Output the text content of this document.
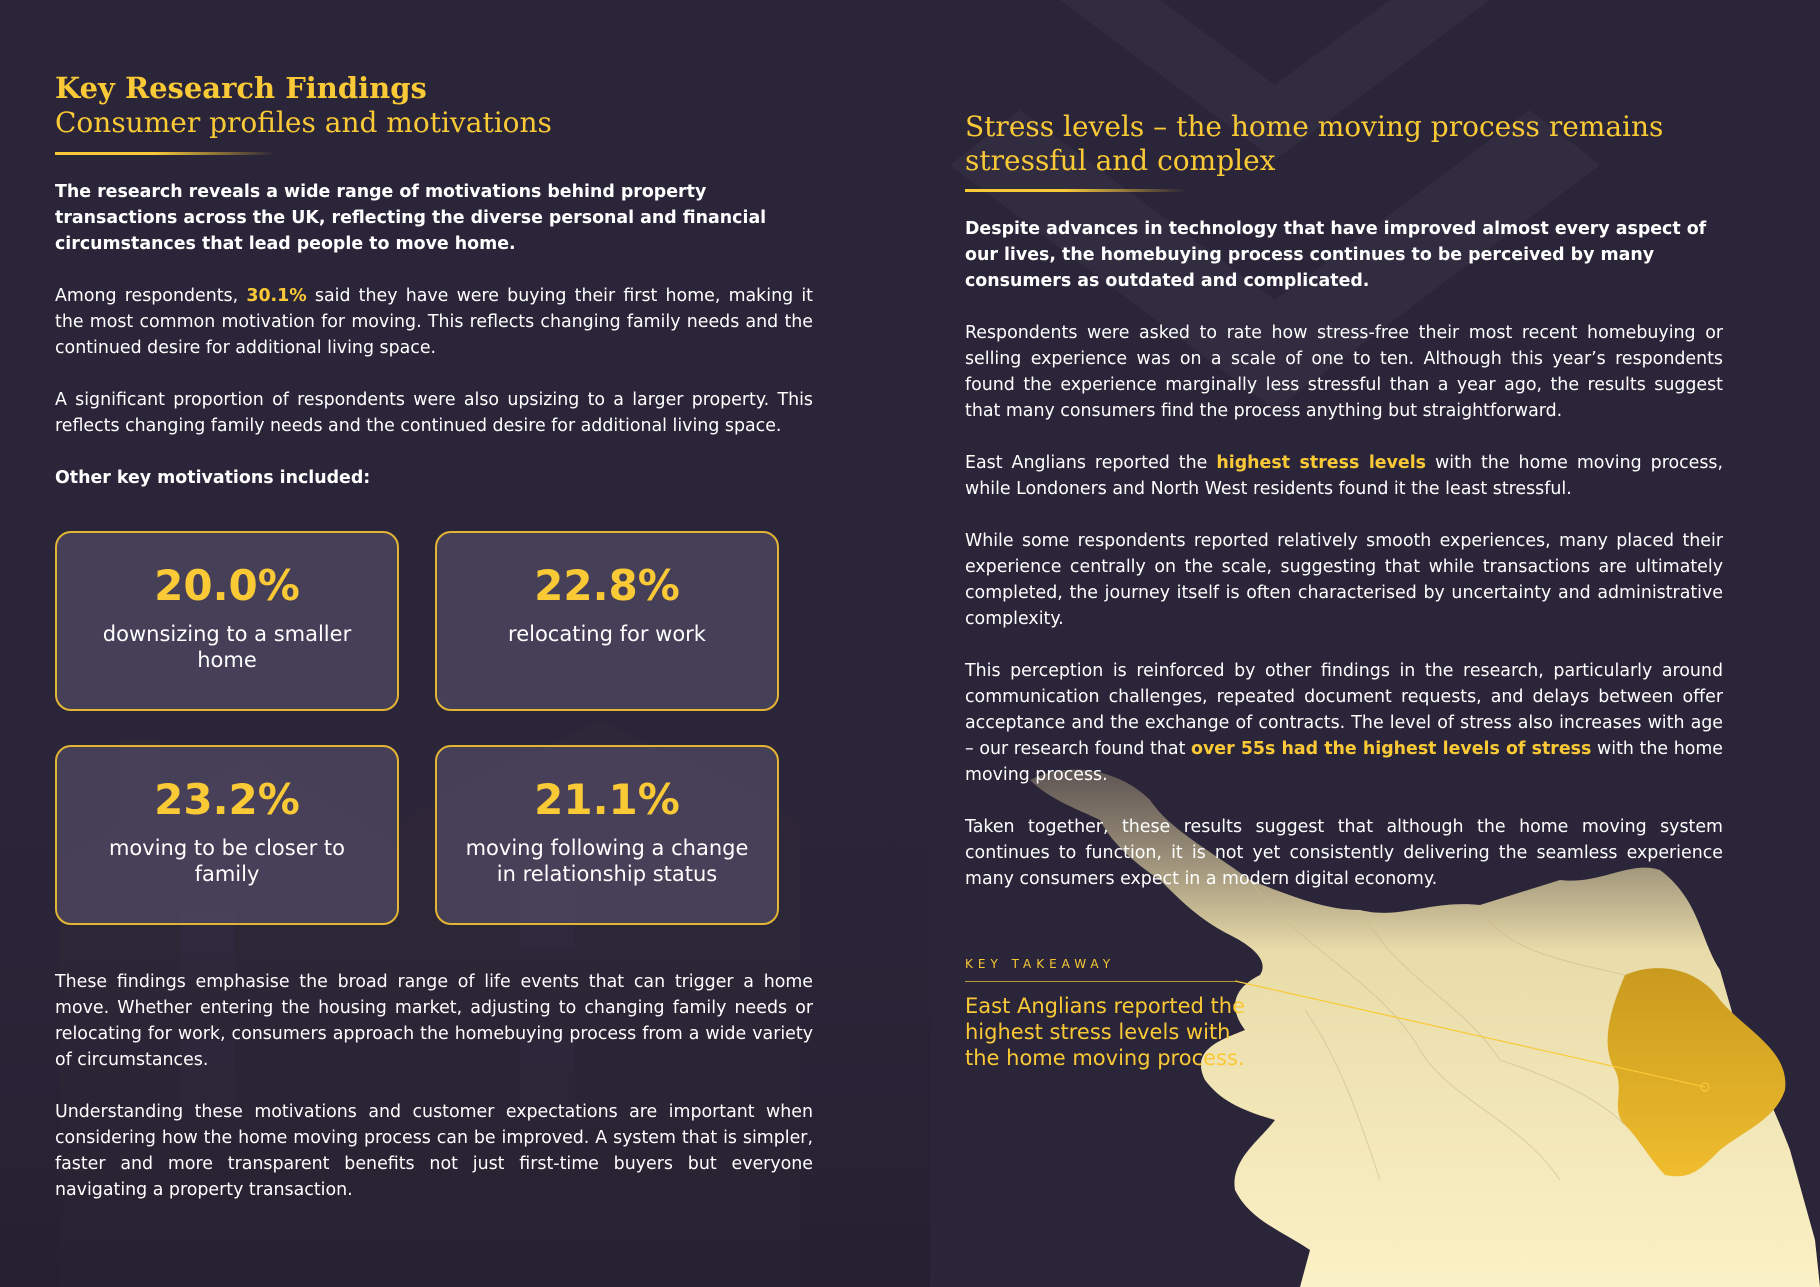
Key Research Findings
Consumer profiles and motivations

The research reveals a wide range of motivations behind property transactions across the UK, reflecting the diverse personal and financial circumstances that lead people to move home.

Among respondents, 30.1% said they have were buying their first home, making it the most common motivation for moving. This reflects changing family needs and the continued desire for additional living space.

A significant proportion of respondents were also upsizing to a larger property. This reflects changing family needs and the continued desire for additional living space.

Other key motivations included:

20.0%
downsizing to a smaller home
22.8%
relocating for work
23.2%
moving to be closer to family
21.1%
moving following a change in relationship status

These findings emphasise the broad range of life events that can trigger a home move. Whether entering the housing market, adjusting to changing family needs or relocating for work, consumers approach the homebuying process from a wide variety of circumstances.

Understanding these motivations and customer expectations are important when considering how the home moving process can be improved. A system that is simpler, faster and more transparent benefits not just first-time buyers but everyone navigating a property transaction.

Stress levels – the home moving process remains stressful and complex

Despite advances in technology that have improved almost every aspect of our lives, the homebuying process continues to be perceived by many consumers as outdated and complicated.

Respondents were asked to rate how stress-free their most recent homebuying or selling experience was on a scale of one to ten. Although this year’s respondents found the experience marginally less stressful than a year ago, the results suggest that many consumers find the process anything but straightforward.

East Anglians reported the highest stress levels with the home moving process, while Londoners and North West residents found it the least stressful.

While some respondents reported relatively smooth experiences, many placed their experience centrally on the scale, suggesting that while transactions are ultimately completed, the journey itself is often characterised by uncertainty and administrative complexity.

This perception is reinforced by other findings in the research, particularly around communication challenges, repeated document requests, and delays between offer acceptance and the exchange of contracts. The level of stress also increases with age – our research found that over 55s had the highest levels of stress with the home moving process.

Taken together, these results suggest that although the home moving system continues to function, it is not yet consistently delivering the seamless experience many consumers expect in a modern digital economy.

KEY TAKEAWAY
East Anglians reported the highest stress levels with the home moving process.
